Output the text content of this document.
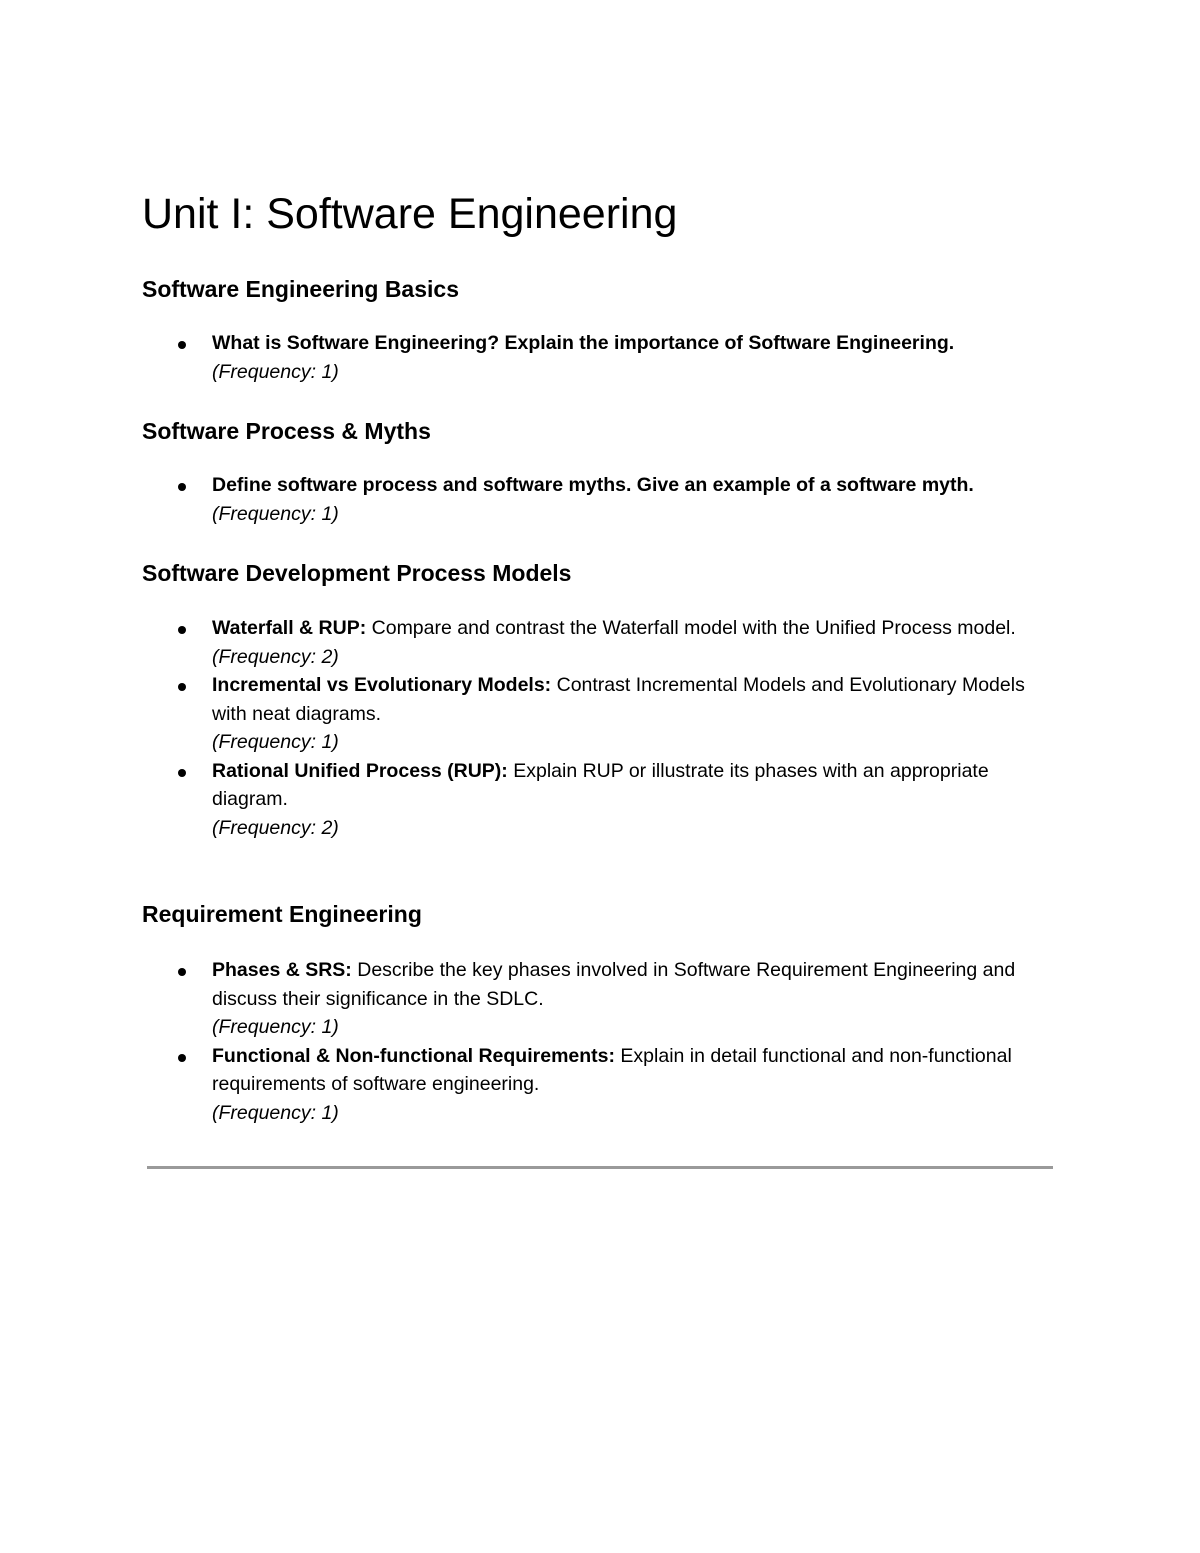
Unit I: Software Engineering
Software Engineering Basics
What is Software Engineering? Explain the importance of Software Engineering.
(Frequency: 1)
Software Process & Myths
Define software process and software myths. Give an example of a software myth.
(Frequency: 1)
Software Development Process Models
Waterfall & RUP: Compare and contrast the Waterfall model with the Unified Process model.
(Frequency: 2)
Incremental vs Evolutionary Models: Contrast Incremental Models and Evolutionary Models with neat diagrams.
(Frequency: 1)
Rational Unified Process (RUP): Explain RUP or illustrate its phases with an appropriate diagram.
(Frequency: 2)
Requirement Engineering
Phases & SRS: Describe the key phases involved in Software Requirement Engineering and discuss their significance in the SDLC.
(Frequency: 1)
Functional & Non-functional Requirements: Explain in detail functional and non-functional requirements of software engineering.
(Frequency: 1)
